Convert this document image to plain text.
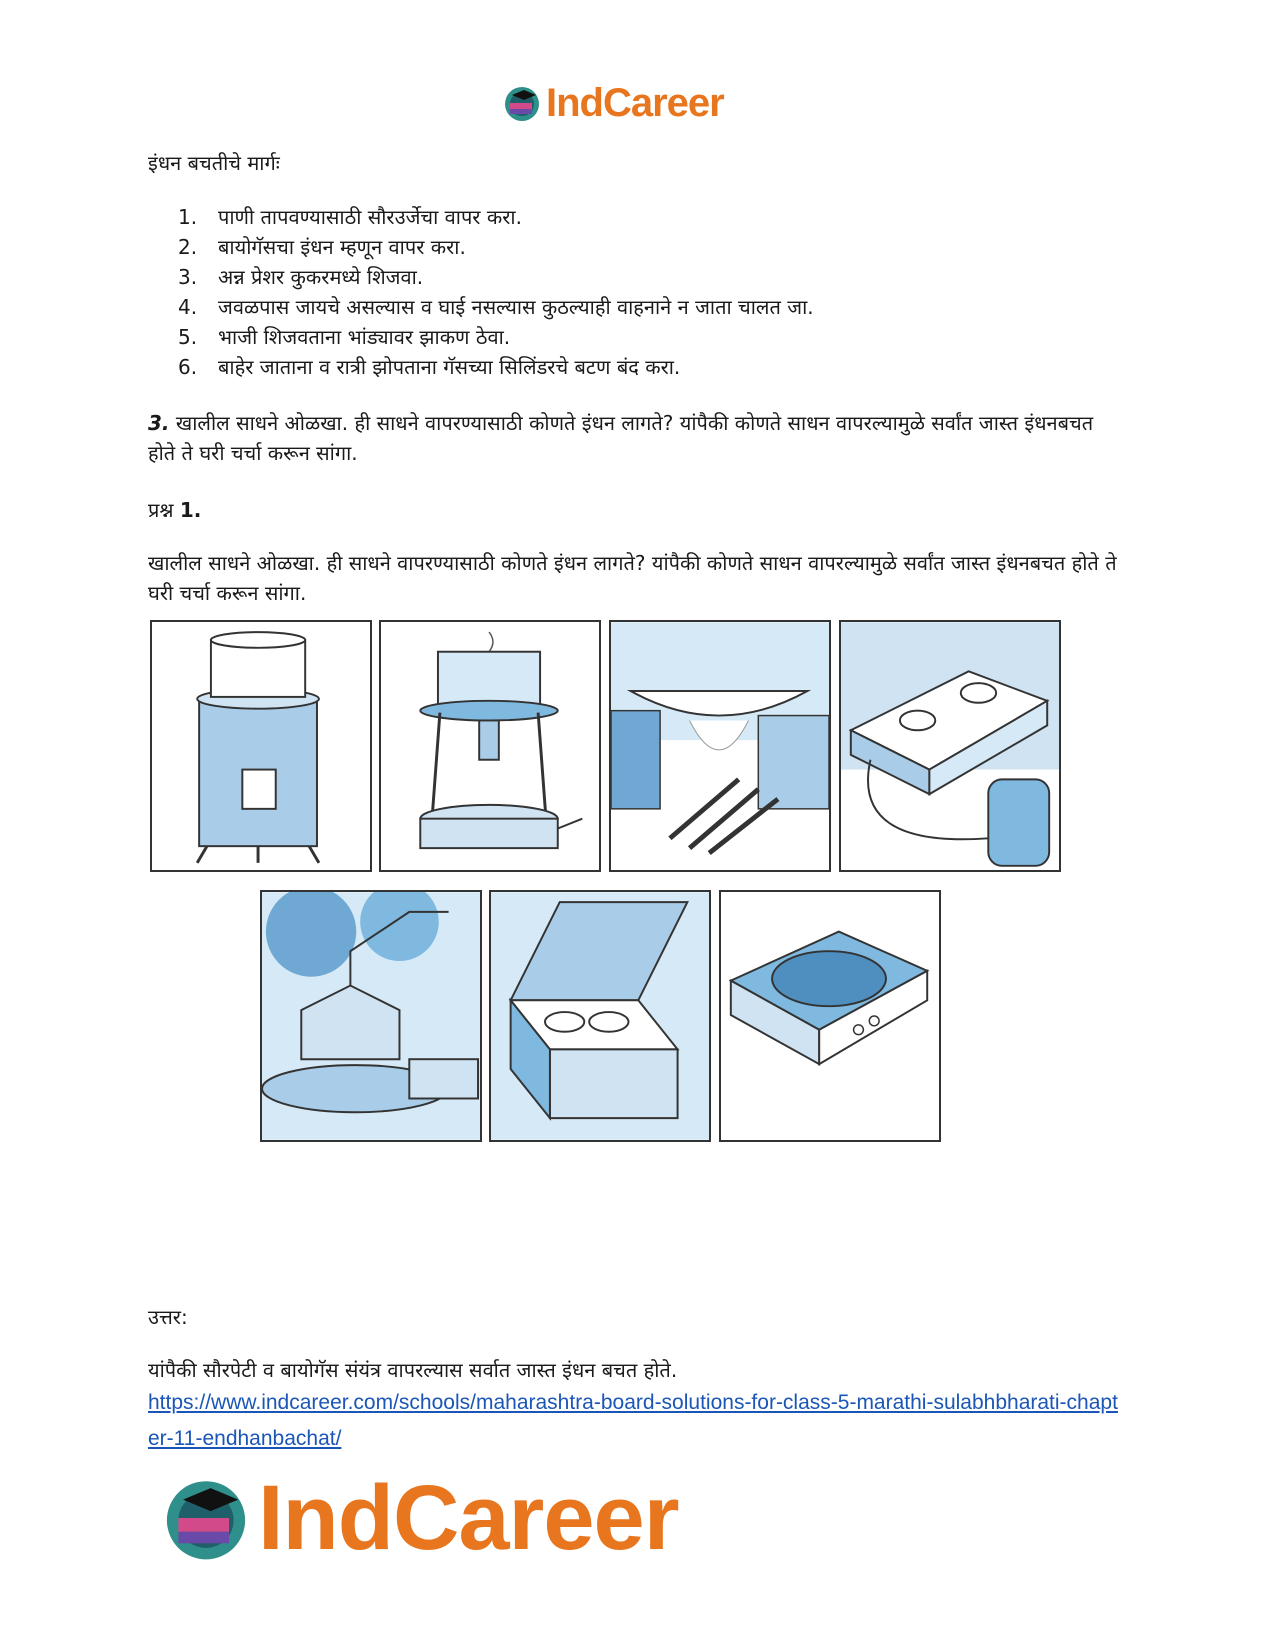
IndCareer
इंधन बचतीचे मार्गः
1.	पाणी तापवण्यासाठी सौरउर्जेचा वापर करा.
2.	बायोगॅसचा इंधन म्हणून वापर करा.
3.	अन्न प्रेशर कुकरमध्ये शिजवा.
4.	जवळपास जायचे असल्यास व घाई नसल्यास कुठल्याही वाहनाने न जाता चालत जा.
5.	भाजी शिजवताना भांड्यावर झाकण ठेवा.
6.	बाहेर जाताना व रात्री झोपताना गॅसच्या सिलिंडरचे बटण बंद करा.
3. खालील साधने ओळखा. ही साधने वापरण्यासाठी कोणते इंधन लागते? यांपैकी कोणते साधन वापरल्यामुळे सर्वांत जास्त इंधनबचत होते ते घरी चर्चा करून सांगा.
प्रश्न 1.
खालील साधने ओळखा. ही साधने वापरण्यासाठी कोणते इंधन लागते? यांपैकी कोणते साधन वापरल्यामुळे सर्वांत जास्त इंधनबचत होते ते घरी चर्चा करून सांगा.
उत्तर:
यांपैकी सौरपेटी व बायोगॅस संयंत्र वापरल्यास सर्वात जास्त इंधन बचत होते.
https://www.indcareer.com/schools/maharashtra-board-solutions-for-class-5-marathi-sulabhbharati-chapter-11-endhanbachat/
IndCareer
